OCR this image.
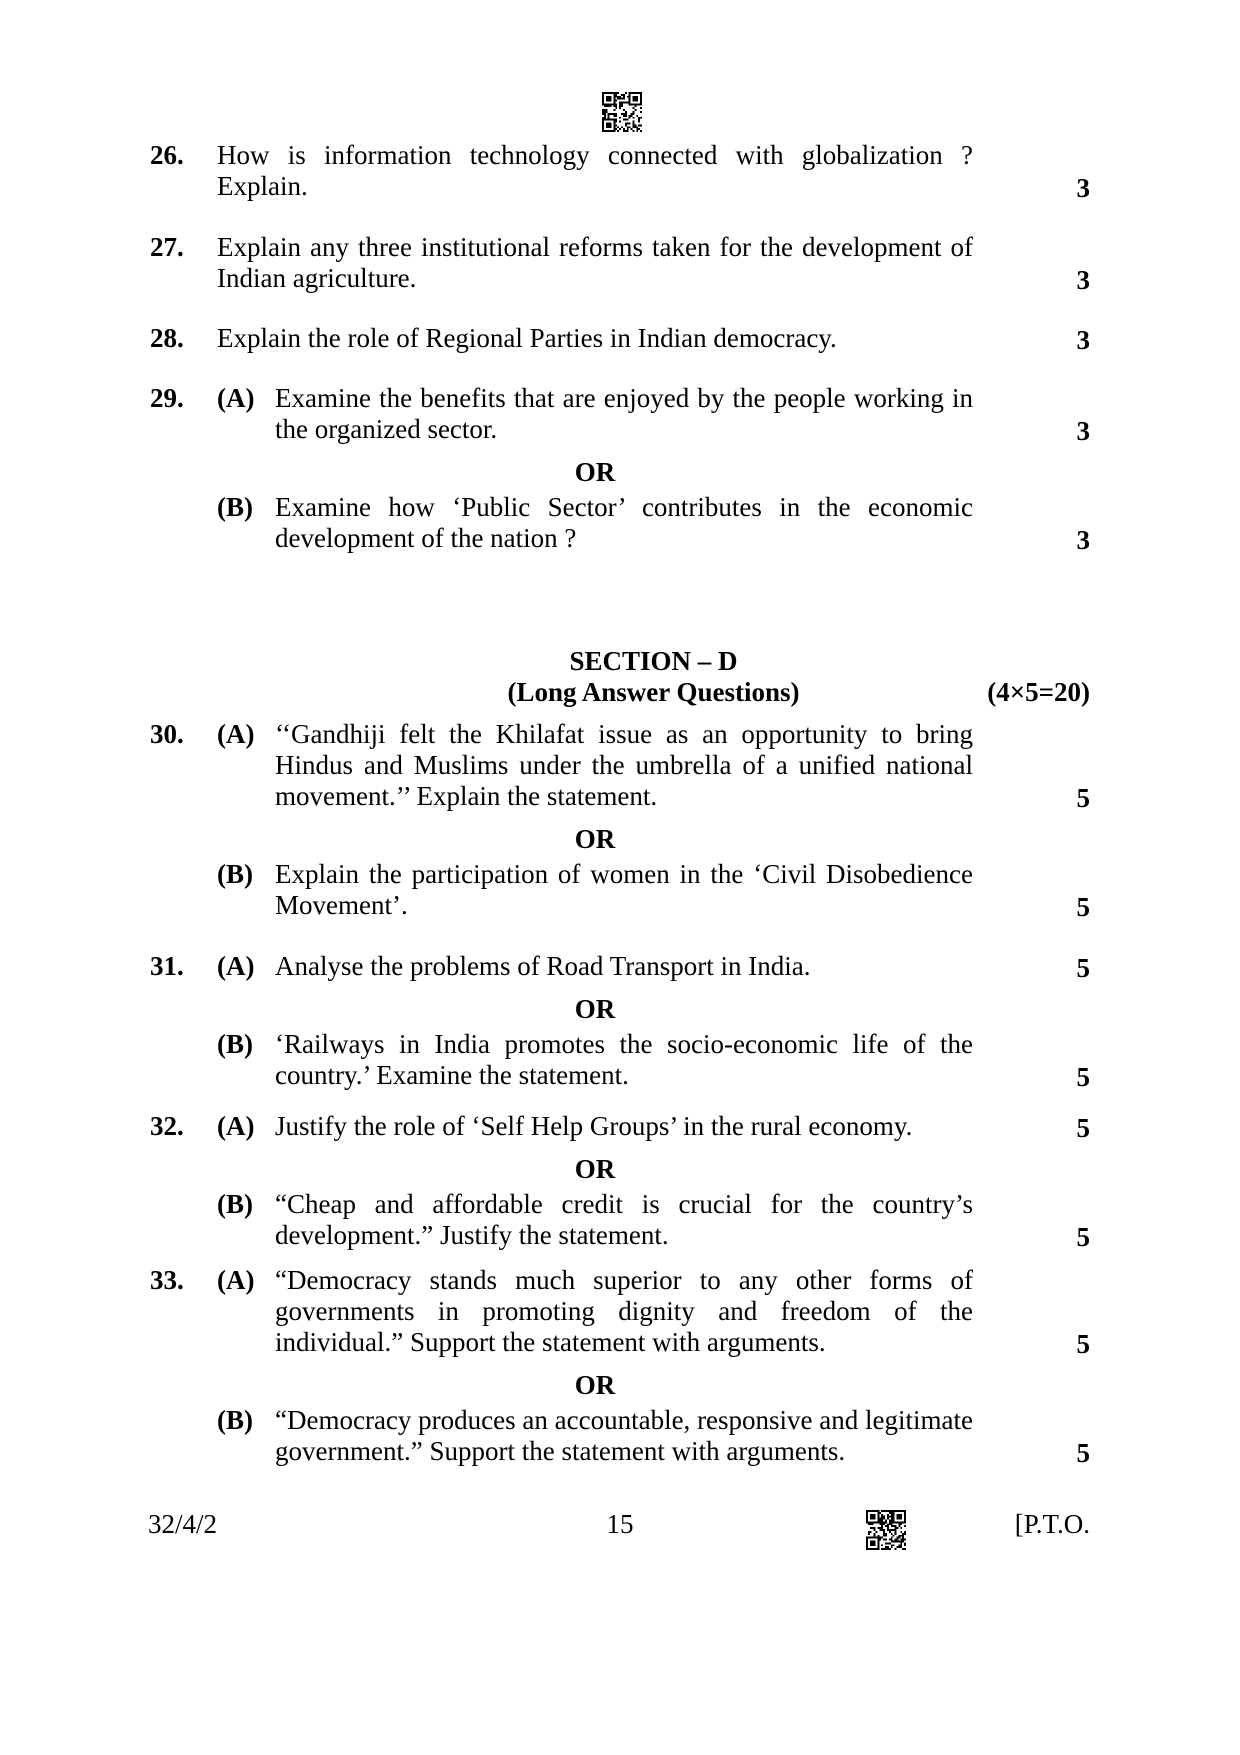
26.	How is information technology connected with globalization ?
Explain.	3
27.	Explain any three institutional reforms taken for the development of
Indian agriculture.	3
28.	Explain the role of Regional Parties in Indian democracy.	3
29.	(A) Examine the benefits that are enjoyed by the people working in
the organized sector.	3
OR
(B) Examine how ‘Public Sector’ contributes in the economic
development of the nation ?	3
SECTION – D
(Long Answer Questions)	(4×5=20)
30.	(A) ‘‘Gandhiji felt the Khilafat issue as an opportunity to bring
Hindus and Muslims under the umbrella of a unified national
movement.’’ Explain the statement.	5
OR
(B) Explain the participation of women in the ‘Civil Disobedience
Movement’.	5
31.	(A) Analyse the problems of Road Transport in India.	5
OR
(B) ‘Railways in India promotes the socio-economic life of the
country.’ Examine the statement.	5
32.	(A) Justify the role of ‘Self Help Groups’ in the rural economy.	5
OR
(B) “Cheap and affordable credit is crucial for the country’s
development.” Justify the statement.	5
33.	(A) “Democracy stands much superior to any other forms of
governments in promoting dignity and freedom of the
individual.” Support the statement with arguments.	5
OR
(B) “Democracy produces an accountable, responsive and legitimate
government.” Support the statement with arguments.	5
32/4/2	15	[P.T.O.
